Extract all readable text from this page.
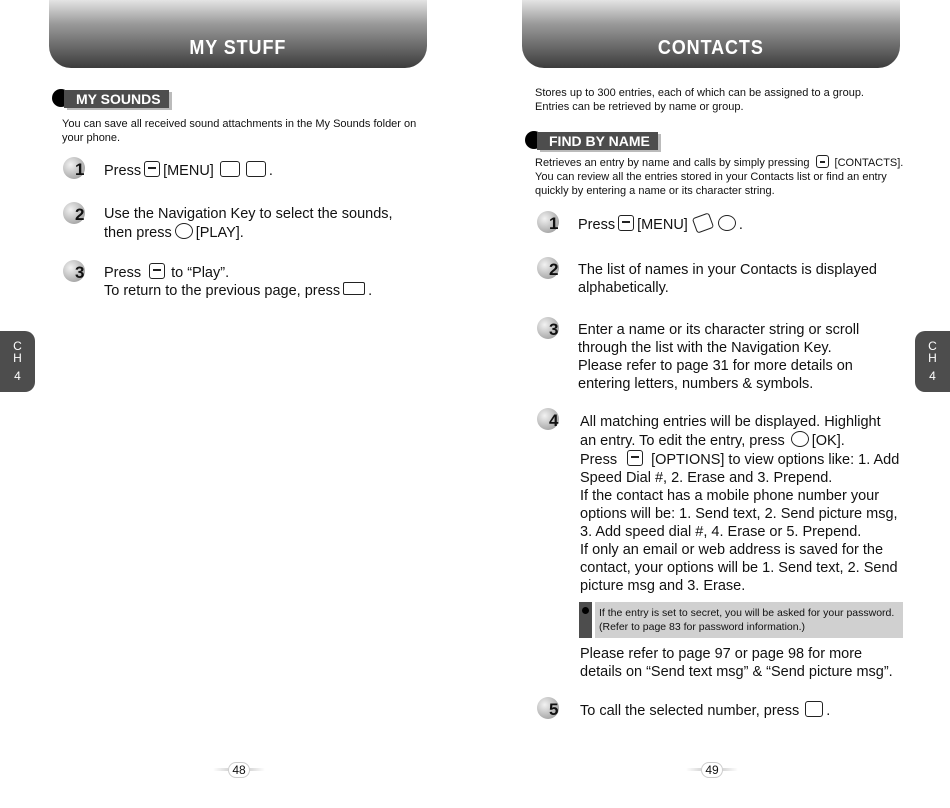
MY STUFF
MY SOUNDS
You can save all received sound attachments in the My Sounds folder on your phone.
1 Press [MENU]	.
2 Use the Navigation Key to select the sounds,
then press [PLAY].
3 Press to “Play”.
To return to the previous page, press .
C
H
4
48
CONTACTS
Stores up to 300 entries, each of which can be assigned to a group.
Entries can be retrieved by name or group.
FIND BY NAME
Retrieves an entry by name and calls by simply pressing [CONTACTS].
You can review all the entries stored in your Contacts list or find an entry
quickly by entering a name or its character string.
1 Press [MENU]	.
2 The list of names in your Contacts is displayed
alphabetically.
3 Enter a name or its character string or scroll
through the list with the Navigation Key.
Please refer to page 31 for more details on
entering letters, numbers & symbols.
4 All matching entries will be displayed. Highlight
an entry. To edit the entry, press [OK].
Press [OPTIONS] to view options like: 1. Add
Speed Dial #, 2. Erase and 3. Prepend.
If the contact has a mobile phone number your
options will be: 1. Send text, 2. Send picture msg,
3. Add speed dial #, 4. Erase or 5. Prepend.
If only an email or web address is saved for the
contact, your options will be 1. Send text, 2. Send
picture msg and 3. Erase.
If the entry is set to secret, you will be asked for your password.
(Refer to page 83 for password information.)
Please refer to page 97 or page 98 for more
details on “Send text msg” & “Send picture msg”.
5 To call the selected number, press .
C
H
4
49
